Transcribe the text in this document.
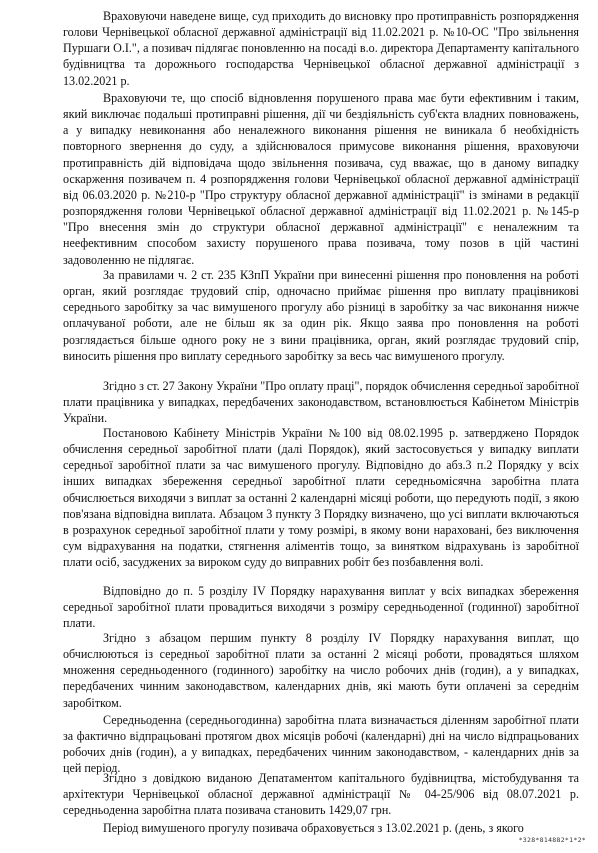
Враховуючи наведене вище, суд приходить до висновку про протиправність розпорядження голови Чернівецької обласної державної адміністрації від 11.02.2021 р. №10-ОС "Про звільнення Пуршаги О.І.", а позивач підлягає поновленню на посаді в.о. директора Департаменту капітального будівництва та дорожнього господарства Чернівецької обласної державної адміністрації з 13.02.2021 р.

Враховуючи те, що спосіб відновлення порушеного права має бути ефективним і таким, який виключає подальші протиправні рішення, дії чи бездіяльність суб'єкта владних повноважень, а у випадку невиконання або неналежного виконання рішення не виникала б необхідність повторного звернення до суду, а здійснювалося примусове виконання рішення, враховуючи протиправність дій відповідача щодо звільнення позивача, суд вважає, що в даному випадку оскарження позивачем п. 4 розпорядження голови Чернівецької обласної державної адміністрації від 06.03.2020 р. №210-р "Про структуру обласної державної адміністрації" із змінами в редакції розпорядження голови Чернівецької обласної державної адміністрації від 11.02.2021 р. №145-р "Про внесення змін до структури обласної державної адміністрації" є неналежним та неефективним способом захисту порушеного права позивача, тому позов в цій частині задоволенню не підлягає.

За правилами ч. 2 ст. 235 КЗпП України при винесенні рішення про поновлення на роботі орган, який розглядає трудовий спір, одночасно приймає рішення про виплату працівникові середнього заробітку за час вимушеного прогулу або різниці в заробітку за час виконання нижче оплачуваної роботи, але не більш як за один рік. Якщо заява про поновлення на роботі розглядається більше одного року не з вини працівника, орган, який розглядає трудовий спір, виносить рішення про виплату середнього заробітку за весь час вимушеного прогулу.

Згідно з ст. 27 Закону України "Про оплату праці", порядок обчислення середньої заробітної плати працівника у випадках, передбачених законодавством, встановлюється Кабінетом Міністрів України.

Постановою Кабінету Міністрів України №100 від 08.02.1995 р. затверджено Порядок обчислення середньої заробітної плати (далі Порядок), який застосовується у випадку виплати середньої заробітної плати за час вимушеного прогулу. Відповідно до абз.3 п.2 Порядку у всіх інших випадках збереження середньої заробітної плати середньомісячна заробітна плата обчислюється виходячи з виплат за останні 2 календарні місяці роботи, що передують події, з якою пов'язана відповідна виплата. Абзацом 3 пункту 3 Порядку визначено, що усі виплати включаються в розрахунок середньої заробітної плати у тому розмірі, в якому вони нараховані, без виключення сум відрахування на податки, стягнення аліментів тощо, за винятком відрахувань із заробітної плати осіб, засуджених за вироком суду до виправних робіт без позбавлення волі.

Відповідно до п. 5 розділу IV Порядку нарахування виплат у всіх випадках збереження середньої заробітної плати провадиться виходячи з розміру середньоденної (годинної) заробітної плати.

Згідно з абзацом першим пункту 8 розділу IV Порядку нарахування виплат, що обчислюються із середньої заробітної плати за останні 2 місяці роботи, провадяться шляхом множення середньоденного (годинного) заробітку на число робочих днів (годин), а у випадках, передбачених чинним законодавством, календарних днів, які мають бути оплачені за середнім заробітком.

Середньоденна (середньогодинна) заробітна плата визначається діленням заробітної плати за фактично відпрацьовані протягом двох місяців робочі (календарні) дні на число відпрацьованих робочих днів (годин), а у випадках, передбачених чинним законодавством, - календарних днів за цей період.

Згідно з довідкою виданою Депатаментом капітального будівництва, містобудування та архітектури Чернівецької обласної державної адміністрації № 04-25/906 від 08.07.2021 р. середньоденна заробітна плата позивача становить 1429,07 грн.

Період вимушеного прогулу позивача обраховується з 13.02.2021 р. (день, з якого

*328*814882*1*2*
